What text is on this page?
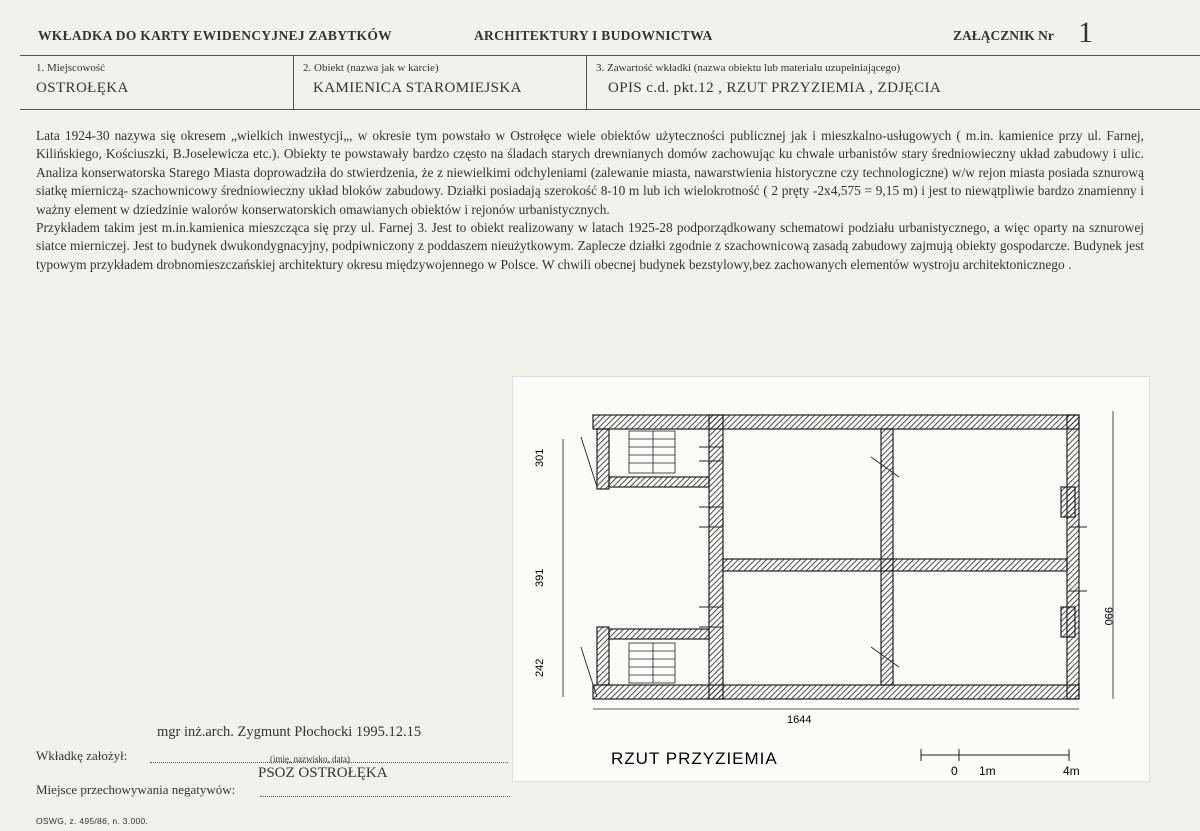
WKŁADKA DO KARTY EWIDENCYJNEJ ZABYTKÓW	ARCHITEKTURY I BUDOWNICTWA	ZAŁĄCZNIK Nr 1
1. Miejscowość
OSTROŁĘKA
2. Obiekt (nazwa jak w karcie)
KAMIENICA STAROMIEJSKA
3. Zawartość wkładki (nazwa obiektu lub materiału uzupełniającego)
OPIS c.d. pkt.12 , RZUT PRZYZIEMIA , ZDJĘCIA

Lata 1924-30 nazywa się okresem „wielkich inwestycji„, w okresie tym powstało w Ostrołęce wiele obiektów użyteczności publicznej jak i mieszkalno-usługowych ( m.in. kamienice przy ul. Farnej, Kilińskiego, Kościuszki, B.Joselewicza etc.). Obiekty te powstawały bardzo często na śladach starych drewnianych domów zachowując ku chwale urbanistów stary średniowieczny układ zabudowy i ulic. Analiza konserwatorska Starego Miasta doprowadziła do stwierdzenia, że z niewielkimi odchyleniami (zalewanie miasta, nawarstwienia historyczne czy technologiczne) w/w rejon miasta posiada sznurową siatkę mierniczą- szachownicowy średniowieczny układ bloków zabudowy. Działki posiadają szerokość 8-10 m lub ich wielokrotność ( 2 pręty -2x4,575 = 9,15 m) i jest to niewątpliwie bardzo znamienny i ważny element w dziedzinie walorów konserwatorskich omawianych obiektów i rejonów urbanistycznych.

Przykładem takim jest m.in.kamienica mieszcząca się przy ul. Farnej 3. Jest to obiekt realizowany w latach 1925-28 podporządkowany schematowi podziału urbanistycznego, a więc oparty na sznurowej siatce mierniczej. Jest to budynek dwukondygnacyjny, podpiwniczony z poddaszem nieużytkowym. Zaplecze działki zgodnie z szachownicową zasadą zabudowy zajmują obiekty gospodarcze. Budynek jest typowym przykładem drobnomieszczańskiej architektury okresu międzywojennego w Polsce. W chwili obecnej budynek bezstylowy,bez zachowanych elementów wystroju architektonicznego .

301
391
242
990
1644
RZUT PRZYZIEMIA
0 1m	4m
mgr inż.arch. Zygmunt Płochocki 1995.12.15
Wkładkę założył:	(imię, nazwisko, data)
PSOZ OSTROŁĘKA
Miejsce przechowywania negatywów:
OSWG, z. 495/86, n. 3.000.
